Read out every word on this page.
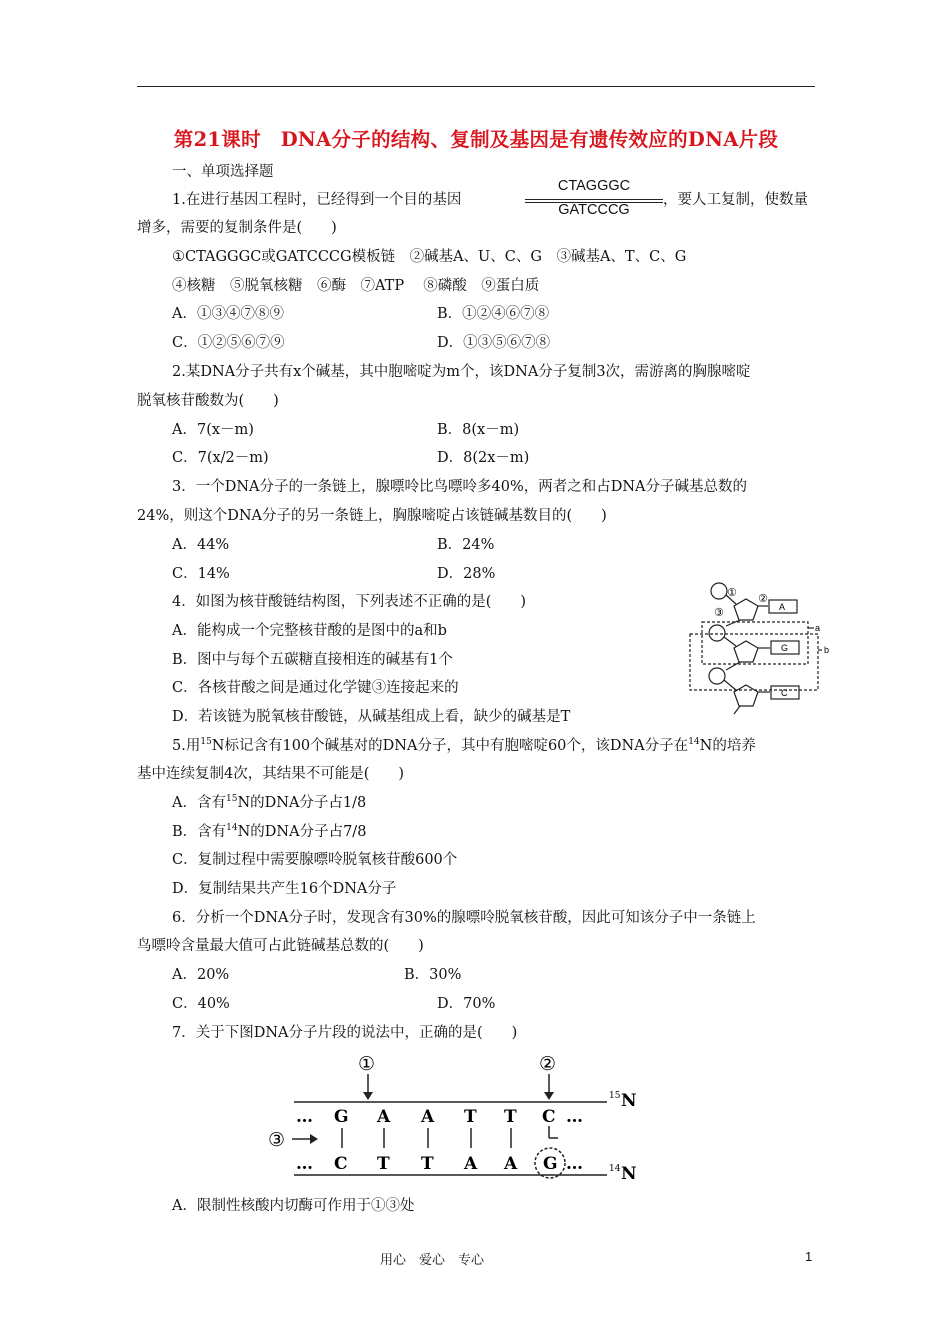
第21课时　DNA分子的结构、复制及基因是有遗传效应的DNA片段
一、单项选择题
1.在进行基因工程时，已经得到一个目的基因
CTAGGGC
GATCCCG
，要人工复制，使数量
增多，需要的复制条件是(　　)
①CTAGGGC或GATCCCG模板链　②碱基A、U、C、G　③碱基A、T、C、G
④核糖　⑤脱氧核糖　⑥酶　⑦ATP　 ⑧磷酸　⑨蛋白质
A．①③④⑦⑧⑨	B．①②④⑥⑦⑧
C．①②⑤⑥⑦⑨	D．①③⑤⑥⑦⑧
2.某DNA分子共有x个碱基，其中胞嘧啶为m个，该DNA分子复制3次，需游离的胸腺嘧啶
脱氧核苷酸数为(　　)
A．7(x－m)	B．8(x－m)
C．7(x/2－m)	D．8(2x－m)
3．一个DNA分子的一条链上，腺嘌呤比鸟嘌呤多40%，两者之和占DNA分子碱基总数的
24%，则这个DNA分子的另一条链上，胸腺嘧啶占该链碱基数目的(　　)
A．44%	B．24%
C．14%	D．28%
4．如图为核苷酸链结构图，下列表述不正确的是(　　)
A．能构成一个完整核苷酸的是图中的a和b
B．图中与每个五碳糖直接相连的碱基有1个
C．各核苷酸之间是通过化学键③连接起来的
D．若该链为脱氧核苷酸链，从碱基组成上看，缺少的碱基是T
① ②
③	A
G
C
a
b
5.用$^{15}$N标记含有100个碱基对的DNA分子，其中有胞嘧啶60个，该DNA分子在$^{14}$N的培养
基中连续复制4次，其结果不可能是(　　)
A．含有$^{15}$N的DNA分子占1/8
B．含有$^{14}$N的DNA分子占7/8
C．复制过程中需要腺嘌呤脱氧核苷酸600个
D．复制结果共产生16个DNA分子
6．分析一个DNA分子时，发现含有30%的腺嘌呤脱氧核苷酸，因此可知该分子中一条链上
鸟嘌呤含量最大值可占此链碱基总数的(　　)
A．20%	B．30%
C．40%	D．70%
7．关于下图DNA分子片段的说法中，正确的是(　　)
①	②
③
… G A A T T C …
… C T T A A G …
15 N
14 N
A．限制性核酸内切酶可作用于①③处
用心　爱心　专心	1
